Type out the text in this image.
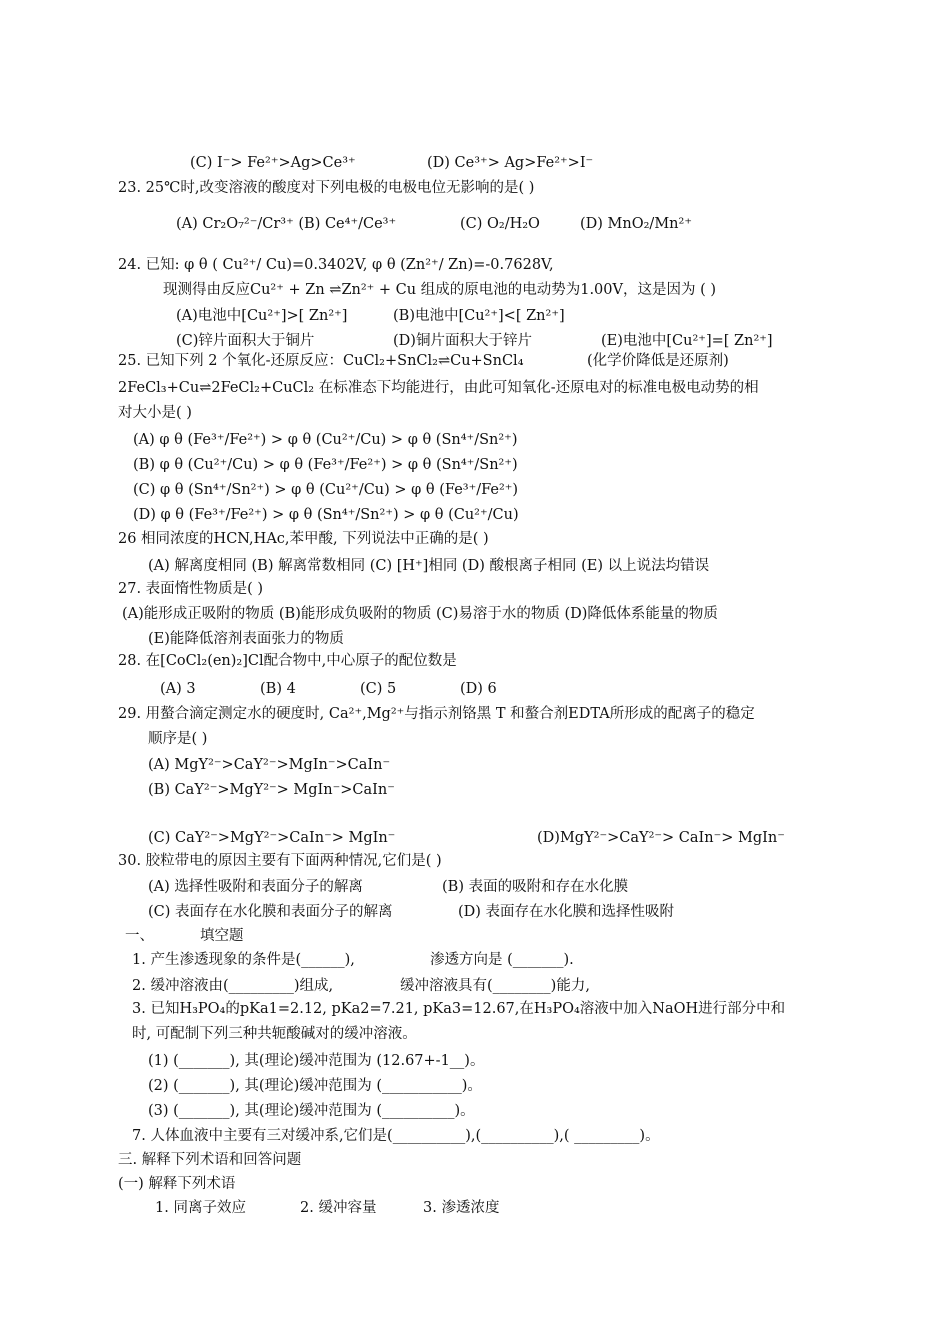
(C) I⁻> Fe²⁺>Ag>Ce³⁺	(D) Ce³⁺> Ag>Fe²⁺>I⁻
23. 25℃时,改变溶液的酸度对下列电极的电极电位无影响的是( )
(A) Cr₂O₇²⁻/Cr³⁺ (B) Ce⁴⁺/Ce³⁺	(C) O₂/H₂O	(D) MnO₂/Mn²⁺
24. 已知: φ θ ( Cu²⁺/ Cu)=0.3402V, φ θ (Zn²⁺/ Zn)=-0.7628V,
现测得由反应Cu²⁺ + Zn ⇌Zn²⁺ + Cu 组成的原电池的电动势为1.00V，这是因为 ( )
(A)电池中[Cu²⁺]>[ Zn²⁺]	(B)电池中[Cu²⁺]<[ Zn²⁺]
(C)锌片面积大于铜片	(D)铜片面积大于锌片	(E)电池中[Cu²⁺]=[ Zn²⁺]
25. 已知下列 2 个氧化-还原反应：CuCl₂+SnCl₂⇌Cu+SnCl₄	(化学价降低是还原剂)
2FeCl₃+Cu⇌2FeCl₂+CuCl₂ 在标准态下均能进行，由此可知氧化-还原电对的标准电极电动势的相
对大小是( )
(A) φ θ (Fe³⁺/Fe²⁺) > φ θ (Cu²⁺/Cu) > φ θ (Sn⁴⁺/Sn²⁺)
(B) φ θ (Cu²⁺/Cu) > φ θ (Fe³⁺/Fe²⁺) > φ θ (Sn⁴⁺/Sn²⁺)
(C) φ θ (Sn⁴⁺/Sn²⁺) > φ θ (Cu²⁺/Cu) > φ θ (Fe³⁺/Fe²⁺)
(D) φ θ (Fe³⁺/Fe²⁺) > φ θ (Sn⁴⁺/Sn²⁺) > φ θ (Cu²⁺/Cu)
26 相同浓度的HCN,HAc,苯甲酸, 下列说法中正确的是( )
(A) 解离度相同 (B) 解离常数相同 (C) [H⁺]相同 (D) 酸根离子相同 (E) 以上说法均错误
27. 表面惰性物质是( )
(A)能形成正吸附的物质 (B)能形成负吸附的物质 (C)易溶于水的物质 (D)降低体系能量的物质
(E)能降低溶剂表面张力的物质
28. 在[CoCl₂(en)₂]Cl配合物中,中心原子的配位数是
(A) 3	(B) 4	(C) 5	(D) 6
29. 用螯合滴定测定水的硬度时, Ca²⁺,Mg²⁺与指示剂铬黑 T 和螯合剂EDTA所形成的配离子的稳定
顺序是( )
(A) MgY²⁻>CaY²⁻>MgIn⁻>CaIn⁻
(B) CaY²⁻>MgY²⁻> MgIn⁻>CaIn⁻
(C) CaY²⁻>MgY²⁻>CaIn⁻> MgIn⁻	(D)MgY²⁻>CaY²⁻> CaIn⁻> MgIn⁻
30. 胶粒带电的原因主要有下面两种情况,它们是( )
(A) 选择性吸附和表面分子的解离	(B) 表面的吸附和存在水化膜
(C) 表面存在水化膜和表面分子的解离	(D) 表面存在水化膜和选择性吸附
一、	填空题
1. 产生渗透现象的条件是(______),	渗透方向是 (_______).
2. 缓冲溶液由(_________)组成,	缓冲溶液具有(________)能力,
3. 已知H₃PO₄的pKa1=2.12, pKa2=7.21, pKa3=12.67,在H₃PO₄溶液中加入NaOH进行部分中和
时, 可配制下列三种共轭酸碱对的缓冲溶液。
(1) (_______), 其(理论)缓冲范围为 (12.67+-1__)。
(2) (_______), 其(理论)缓冲范围为 (___________)。
(3) (_______), 其(理论)缓冲范围为 (__________)。
7. 人体血液中主要有三对缓冲系,它们是(__________),(__________),( _________)。
三. 解释下列术语和回答问题
(一) 解释下列术语
1. 同离子效应	2. 缓冲容量	3. 渗透浓度
